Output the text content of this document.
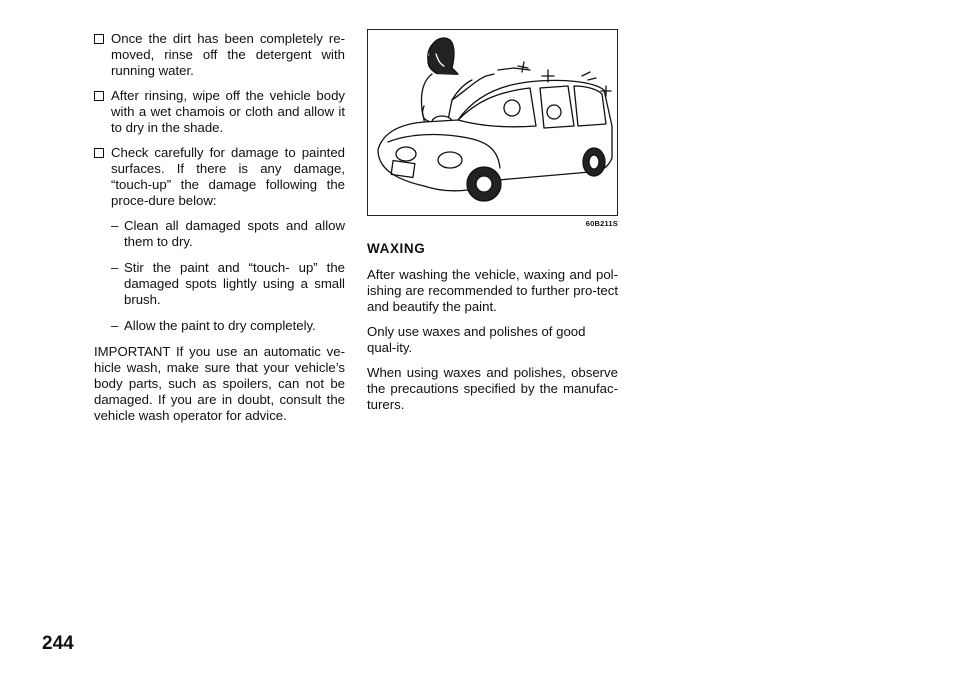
Once the dirt has been completely re-moved, rinse off the detergent with running water.
After rinsing, wipe off the vehicle body with a wet chamois or cloth and allow it to dry in the shade.
Check carefully for damage to painted surfaces. If there is any damage, “touch-up” the damage following the proce-dure below:
– Clean all damaged spots and allow them to dry.
– Stir the paint and “touch- up” the damaged spots lightly using a small brush.
– Allow the paint to dry completely.
IMPORTANT If you use an automatic ve-hicle wash, make sure that your vehicle’s body parts, such as spoilers, can not be damaged. If you are in doubt, consult the vehicle wash operator for advice.
60B211S
WAXING
After washing the vehicle, waxing and pol-ishing are recommended to further pro-tect and beautify the paint.
Only use waxes and polishes of good qual-ity.
When using waxes and polishes, observe the precautions specified by the manufac-turers.
244
